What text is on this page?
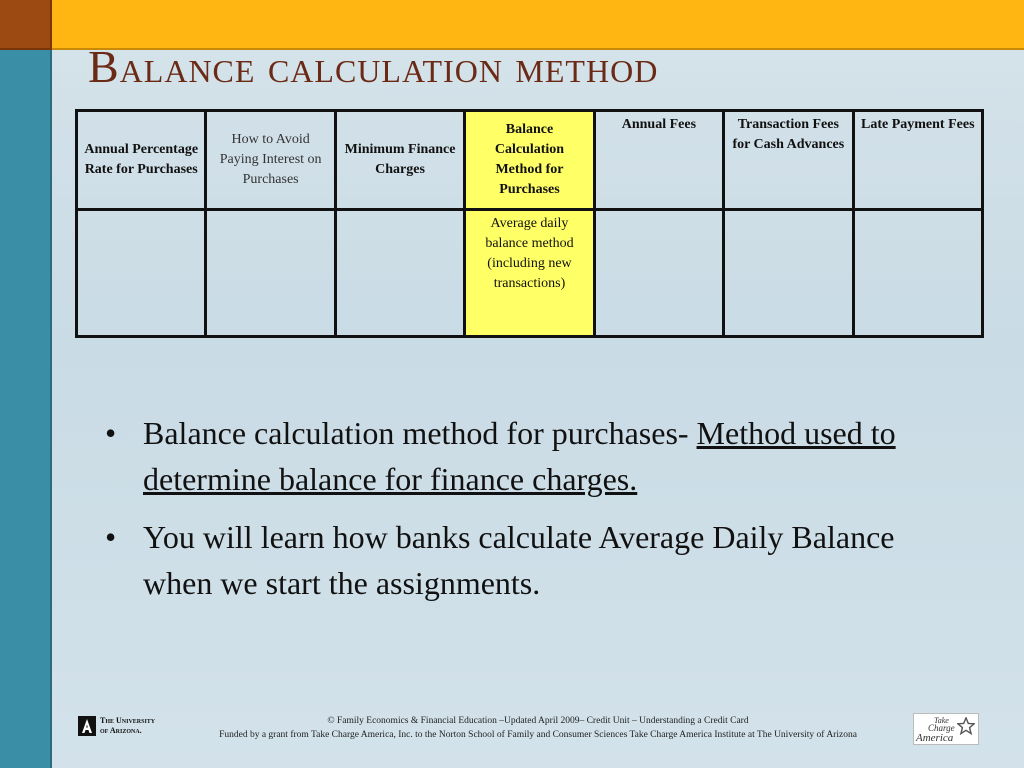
Balance calculation method
Annual Percentage Rate for Purchases	How to Avoid Paying Interest on Purchases	Minimum Finance Charges	Balance Calculation Method for Purchases	Annual Fees	Transaction Fees for Cash Advances	Late Payment Fees
			Average daily balance method (including new transactions)			
• Balance calculation method for purchases- Method used to determine balance for finance charges.
• You will learn how banks calculate Average Daily Balance when we start the assignments.
The University
of Arizona.
© Family Economics & Financial Education –Updated April 2009– Credit Unit – Understanding a Credit Card
Funded by a grant from Take Charge America, Inc. to the Norton School of Family and Consumer Sciences Take Charge America Institute at The University of Arizona
Take
Charge
America
